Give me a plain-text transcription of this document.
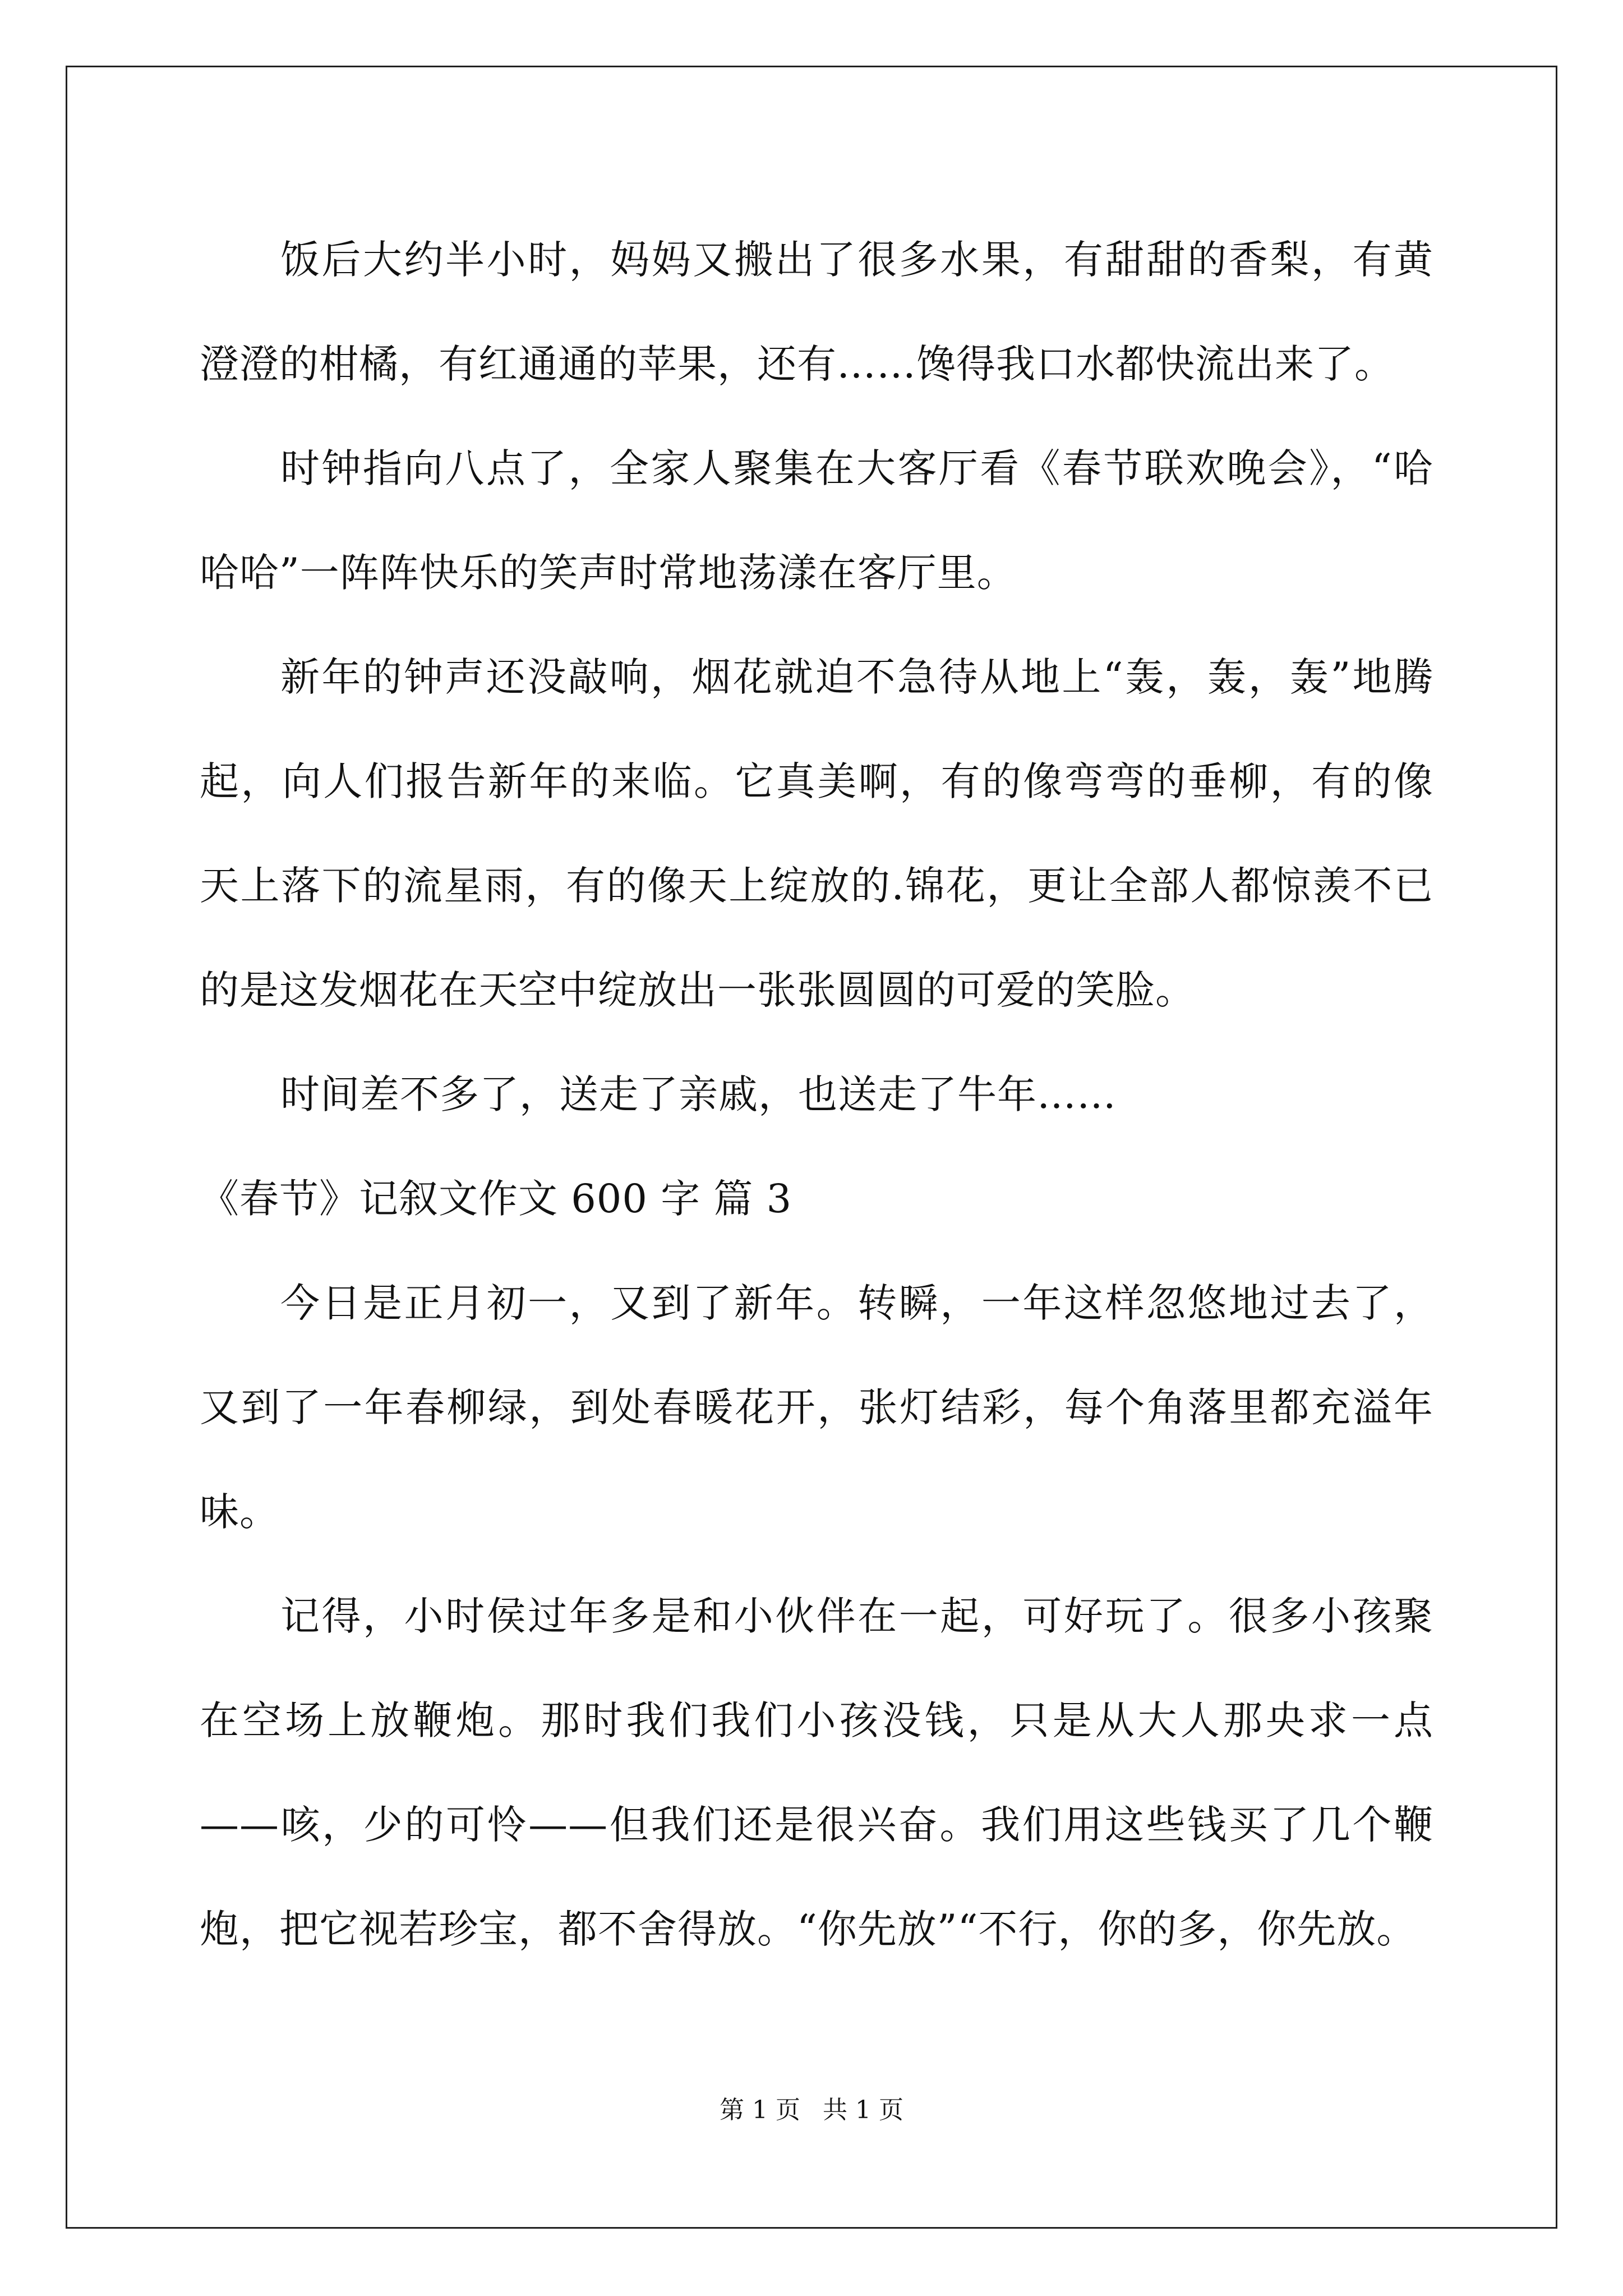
饭后大约半小时，妈妈又搬出了很多水果，有甜甜的香梨，有黄澄澄的柑橘，有红通通的苹果，还有……馋得我口水都快流出来了。

时钟指向八点了，全家人聚集在大客厅看《春节联欢晚会》，“哈哈哈”一阵阵快乐的笑声时常地荡漾在客厅里。

新年的钟声还没敲响，烟花就迫不急待从地上“轰，轰，轰”地腾起，向人们报告新年的来临。它真美啊，有的像弯弯的垂柳，有的像天上落下的流星雨，有的像天上绽放的.锦花，更让全部人都惊羡不已的是这发烟花在天空中绽放出一张张圆圆的可爱的笑脸。

时间差不多了，送走了亲戚，也送走了牛年……

《春节》记叙文作文 600 字 篇 3

今日是正月初一，又到了新年。转瞬，一年这样忽悠地过去了，又到了一年春柳绿，到处春暖花开，张灯结彩，每个角落里都充溢年味。

记得，小时侯过年多是和小伙伴在一起，可好玩了。很多小孩聚在空场上放鞭炮。那时我们我们小孩没钱，只是从大人那央求一点——咳，少的可怜——但我们还是很兴奋。我们用这些钱买了几个鞭炮，把它视若珍宝，都不舍得放。“你先放”“不行，你的多，你先放。

第 1 页 共 1 页
